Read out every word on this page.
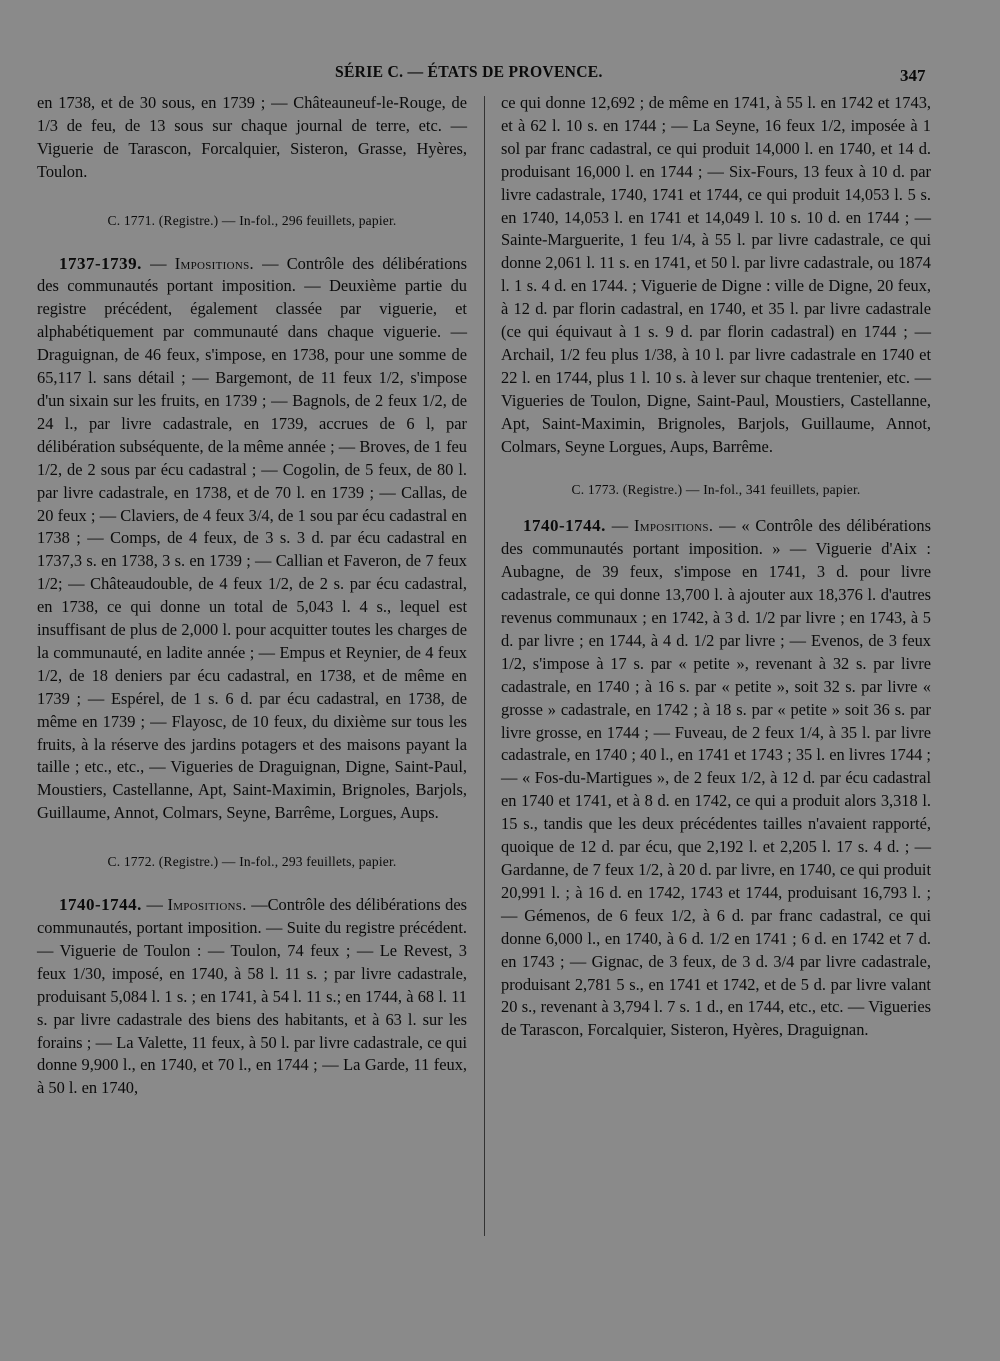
SÉRIE C. — ÉTATS DE PROVENCE.	347

en 1738, et de 30 sous, en 1739 ; — Châteauneuf-le-Rouge, de 1/3 de feu, de 13 sous sur chaque journal de terre, etc. — Viguerie de Tarascon, Forcalquier, Sisteron, Grasse, Hyères, Toulon.

C. 1771. (Registre.) — In-fol., 296 feuillets, papier.

1737-1739. — Impositions. — Contrôle des délibérations des communautés portant imposition. — Deuxième partie du registre précédent, également classée par viguerie, et alphabétiquement par communauté dans chaque viguerie. — Draguignan, de 46 feux, s'impose, en 1738, pour une somme de 65,117 l. sans détail ; — Bargemont, de 11 feux 1/2, s'impose d'un sixain sur les fruits, en 1739 ; — Bagnols, de 2 feux 1/2, de 24 l., par livre cadastrale, en 1739, accrues de 6 l, par délibération subséquente, de la même année ; — Broves, de 1 feu 1/2, de 2 sous par écu cadastral ; — Cogolin, de 5 feux, de 80 l. par livre cadastrale, en 1738, et de 70 l. en 1739 ; — Callas, de 20 feux ; — Claviers, de 4 feux 3/4, de 1 sou par écu cadastral en 1738 ; — Comps, de 4 feux, de 3 s. 3 d. par écu cadastral en 1737,3 s. en 1738, 3 s. en 1739 ; — Callian et Faveron, de 7 feux 1/2; — Châteaudouble, de 4 feux 1/2, de 2 s. par écu cadastral, en 1738, ce qui donne un total de 5,043 l. 4 s., lequel est insuffisant de plus de 2,000 l. pour acquitter toutes les charges de la communauté, en ladite année ; — Empus et Reynier, de 4 feux 1/2, de 18 deniers par écu cadastral, en 1738, et de même en 1739 ; — Espérel, de 1 s. 6 d. par écu cadastral, en 1738, de même en 1739 ; — Flayosc, de 10 feux, du dixième sur tous les fruits, à la réserve des jardins potagers et des maisons payant la taille ; etc., etc., — Vigueries de Draguignan, Digne, Saint-Paul, Moustiers, Castellanne, Apt, Saint-Maximin, Brignoles, Barjols, Guillaume, Annot, Colmars, Seyne, Barrême, Lorgues, Aups.

C. 1772. (Registre.) — In-fol., 293 feuillets, papier.

1740-1744. — Impositions. —Contrôle des délibérations des communautés, portant imposition. — Suite du registre précédent. — Viguerie de Toulon : — Toulon, 74 feux ; — Le Revest, 3 feux 1/30, imposé, en 1740, à 58 l. 11 s. ; par livre cadastrale, produisant 5,084 l. 1 s. ; en 1741, à 54 l. 11 s.; en 1744, à 68 l. 11 s. par livre cadastrale des biens des habitants, et à 63 l. sur les forains ; — La Valette, 11 feux, à 50 l. par livre cadastrale, ce qui donne 9,900 l., en 1740, et 70 l., en 1744 ; — La Garde, 11 feux, à 50 l. en 1740,

ce qui donne 12,692 ; de même en 1741, à 55 l. en 1742 et 1743, et à 62 l. 10 s. en 1744 ; — La Seyne, 16 feux 1/2, imposée à 1 sol par franc cadastral, ce qui produit 14,000 l. en 1740, et 14 d. produisant 16,000 l. en 1744 ; — Six-Fours, 13 feux à 10 d. par livre cadastrale, 1740, 1741 et 1744, ce qui produit 14,053 l. 5 s. en 1740, 14,053 l. en 1741 et 14,049 l. 10 s. 10 d. en 1744 ; — Sainte-Marguerite, 1 feu 1/4, à 55 l. par livre cadastrale, ce qui donne 2,061 l. 11 s. en 1741, et 50 l. par livre cadastrale, ou 1874 l. 1 s. 4 d. en 1744. ; Viguerie de Digne : ville de Digne, 20 feux, à 12 d. par florin cadastral, en 1740, et 35 l. par livre cadastrale (ce qui équivaut à 1 s. 9 d. par florin cadastral) en 1744 ; — Archail, 1/2 feu plus 1/38, à 10 l. par livre cadastrale en 1740 et 22 l. en 1744, plus 1 l. 10 s. à lever sur chaque trentenier, etc. — Vigueries de Toulon, Digne, Saint-Paul, Moustiers, Castellanne, Apt, Saint-Maximin, Brignoles, Barjols, Guillaume, Annot, Colmars, Seyne Lorgues, Aups, Barrême.

C. 1773. (Registre.) — In-fol., 341 feuillets, papier.

1740-1744. — Impositions. — « Contrôle des délibérations des communautés portant imposition. » — Viguerie d'Aix : Aubagne, de 39 feux, s'impose en 1741, 3 d. pour livre cadastrale, ce qui donne 13,700 l. à ajouter aux 18,376 l. d'autres revenus communaux ; en 1742, à 3 d. 1/2 par livre ; en 1743, à 5 d. par livre ; en 1744, à 4 d. 1/2 par livre ; — Evenos, de 3 feux 1/2, s'impose à 17 s. par « petite », revenant à 32 s. par livre cadastrale, en 1740 ; à 16 s. par « petite », soit 32 s. par livre « grosse » cadastrale, en 1742 ; à 18 s. par « petite » soit 36 s. par livre grosse, en 1744 ; — Fuveau, de 2 feux 1/4, à 35 l. par livre cadastrale, en 1740 ; 40 l., en 1741 et 1743 ; 35 l. en livres 1744 ; — « Fos-du-Martigues », de 2 feux 1/2, à 12 d. par écu cadastral en 1740 et 1741, et à 8 d. en 1742, ce qui a produit alors 3,318 l. 15 s., tandis que les deux précédentes tailles n'avaient rapporté, quoique de 12 d. par écu, que 2,192 l. et 2,205 l. 17 s. 4 d. ; — Gardanne, de 7 feux 1/2, à 20 d. par livre, en 1740, ce qui produit 20,991 l. ; à 16 d. en 1742, 1743 et 1744, produisant 16,793 l. ; — Gémenos, de 6 feux 1/2, à 6 d. par franc cadastral, ce qui donne 6,000 l., en 1740, à 6 d. 1/2 en 1741 ; 6 d. en 1742 et 7 d. en 1743 ; — Gignac, de 3 feux, de 3 d. 3/4 par livre cadastrale, produisant 2,781 5 s., en 1741 et 1742, et de 5 d. par livre valant 20 s., revenant à 3,794 l. 7 s. 1 d., en 1744, etc., etc. — Vigueries de Tarascon, Forcalquier, Sisteron, Hyères, Draguignan.
